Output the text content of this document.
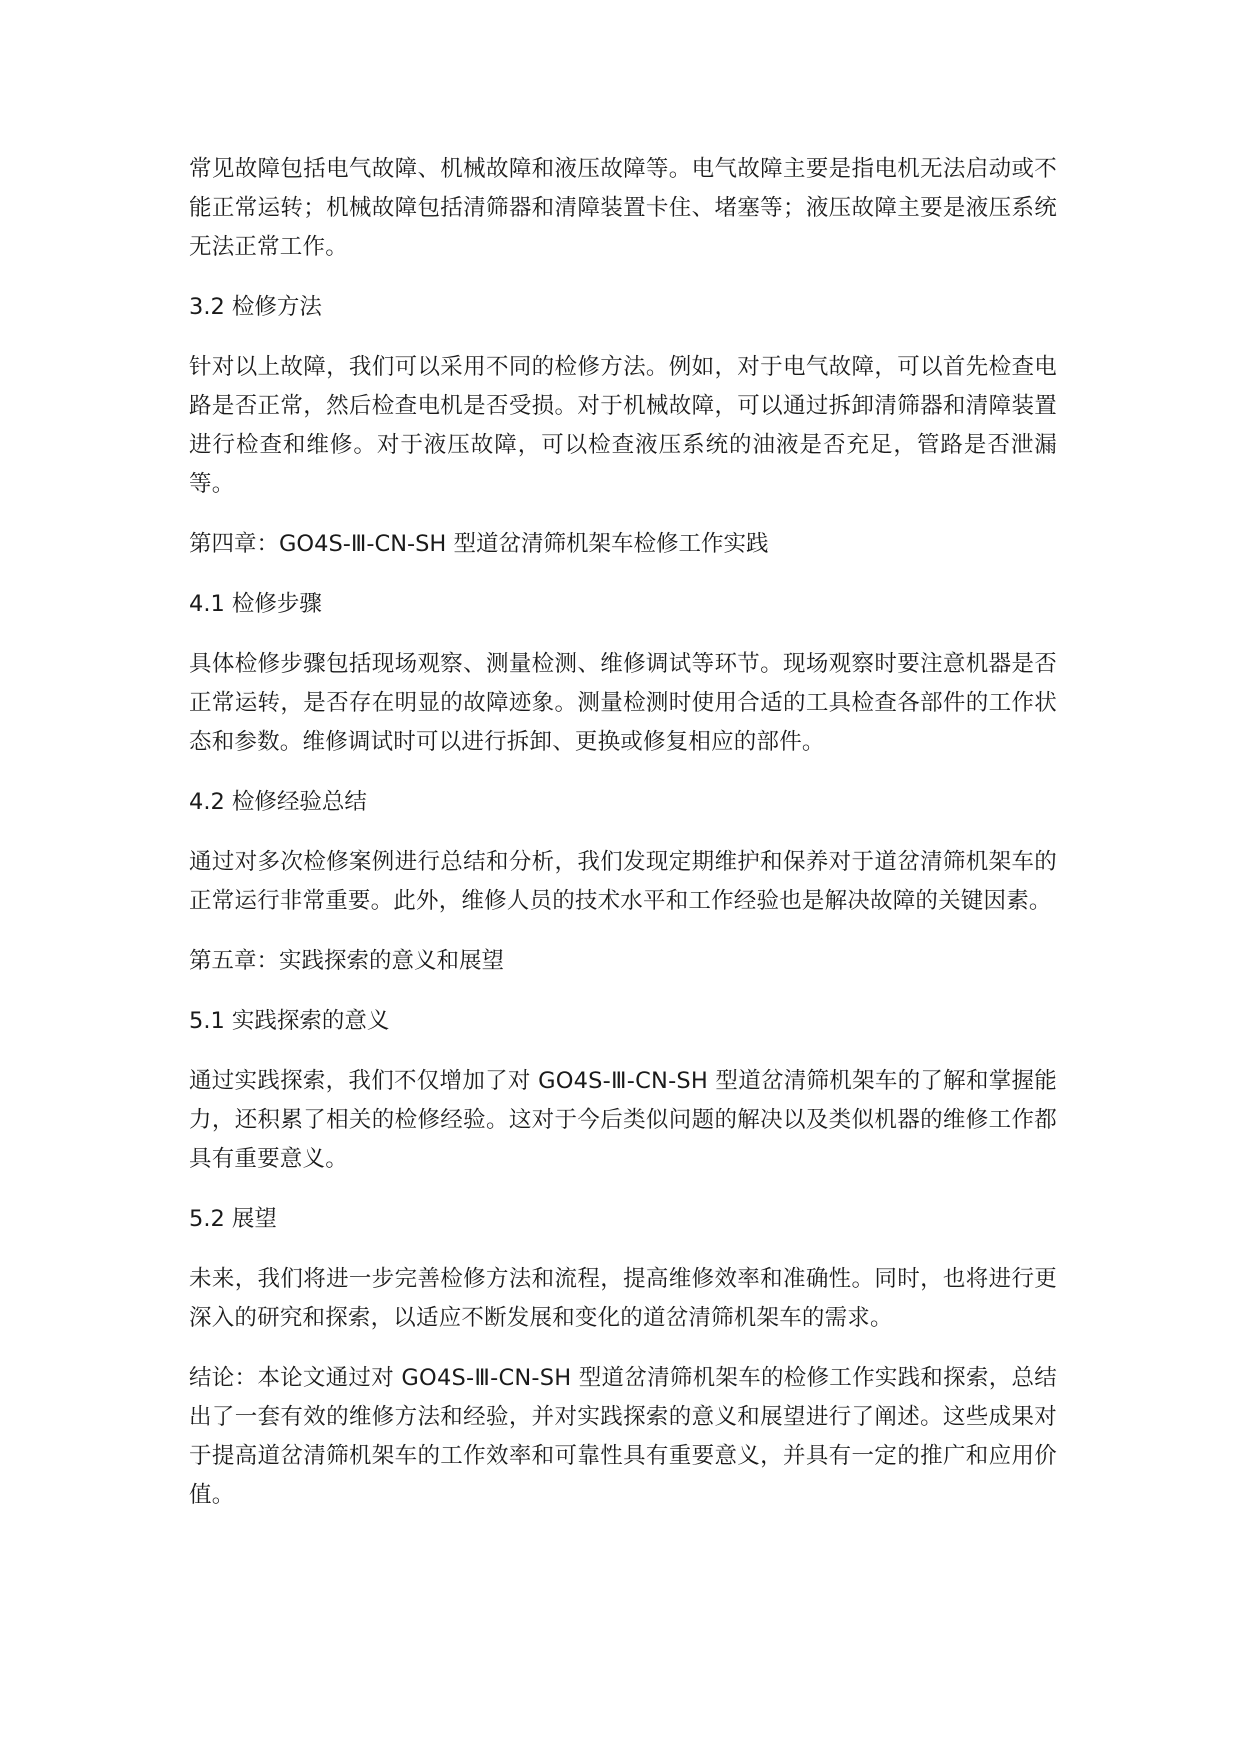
常见故障包括电气故障、机械故障和液压故障等。电气故障主要是指电机无法启动或不能正常运转；机械故障包括清筛器和清障装置卡住、堵塞等；液压故障主要是液压系统无法正常工作。

3.2 检修方法

针对以上故障，我们可以采用不同的检修方法。例如，对于电气故障，可以首先检查电路是否正常，然后检查电机是否受损。对于机械故障，可以通过拆卸清筛器和清障装置进行检查和维修。对于液压故障，可以检查液压系统的油液是否充足，管路是否泄漏等。

第四章：GO4S-Ⅲ-CN-SH 型道岔清筛机架车检修工作实践

4.1 检修步骤

具体检修步骤包括现场观察、测量检测、维修调试等环节。现场观察时要注意机器是否正常运转，是否存在明显的故障迹象。测量检测时使用合适的工具检查各部件的工作状态和参数。维修调试时可以进行拆卸、更换或修复相应的部件。

4.2 检修经验总结

通过对多次检修案例进行总结和分析，我们发现定期维护和保养对于道岔清筛机架车的正常运行非常重要。此外，维修人员的技术水平和工作经验也是解决故障的关键因素。

第五章：实践探索的意义和展望

5.1 实践探索的意义

通过实践探索，我们不仅增加了对 GO4S-Ⅲ-CN-SH 型道岔清筛机架车的了解和掌握能力，还积累了相关的检修经验。这对于今后类似问题的解决以及类似机器的维修工作都具有重要意义。

5.2 展望

未来，我们将进一步完善检修方法和流程，提高维修效率和准确性。同时，也将进行更深入的研究和探索，以适应不断发展和变化的道岔清筛机架车的需求。

结论：本论文通过对 GO4S-Ⅲ-CN-SH 型道岔清筛机架车的检修工作实践和探索，总结出了一套有效的维修方法和经验，并对实践探索的意义和展望进行了阐述。这些成果对于提高道岔清筛机架车的工作效率和可靠性具有重要意义，并具有一定的推广和应用价值。
